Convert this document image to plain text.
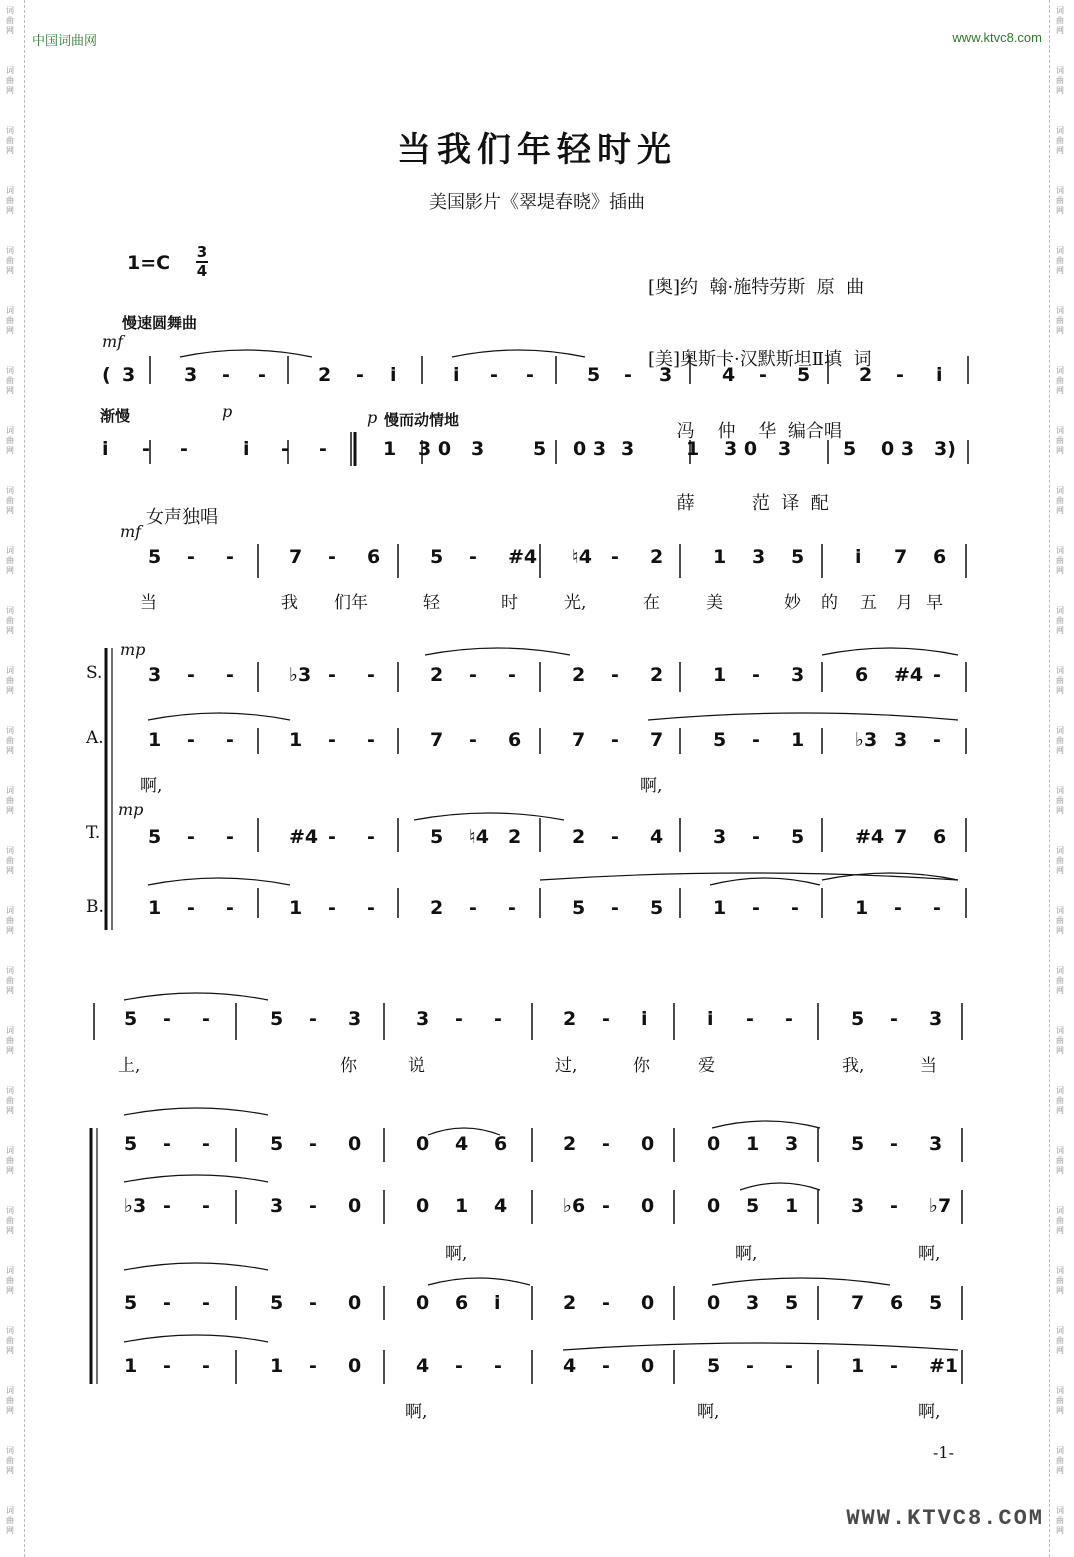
词曲网
词曲网
词曲网
词曲网
词曲网
词曲网
词曲网
词曲网
词曲网
词曲网
词曲网
词曲网
词曲网
词曲网
词曲网
词曲网
词曲网
词曲网
词曲网
词曲网
词曲网
词曲网
词曲网
词曲网
词曲网
词曲网
词曲网
词曲网
词曲网
词曲网
词曲网
词曲网
词曲网
词曲网
词曲网
词曲网
词曲网
词曲网
词曲网
词曲网
词曲网
词曲网
词曲网
词曲网
词曲网
词曲网
词曲网
词曲网
词曲网
词曲网
词曲网
词曲网
中国词曲网	www.ktvc8.com
当我们年轻时光
美国影片《翠堤春晓》插曲

[奥]约  翰·施特劳斯  原  曲

[美]奥斯卡·汉默斯坦Ⅱ填  词

冯    仲    华  编合唱

薛          范  译  配

1=C 3
4
慢速圆舞曲
mf
( 3	3 - -	2 - i	i - -	5 - 3	4 - 5	2 - i
渐慢	p	p 慢而动情地
i - -	i - -	1 3 0 3	5 0 3 3	1 3 0 3	5 0 3 3)
女声独唱
mf
5 - -	7 - 6	5 - #4 ♮4 - 2	1 3 5	i 7 6
当	我 们年	轻	时	光,	在	美	妙 的 五 月 早
mp
S. 3 - -	♭3 - -	2 - -	2 - 2	1 - 3	6 #4 -
A. 1 - -	1 - -	7 - 6	7 - 7	5 - 1	♭3 3 -
啊,	啊,
mp
T.	5 - -	#4 - -	5 ♮4 2	2 - 4	3 - 5	#4 7 6
B. 1 - -	1 - -	2 - -	5 - 5	1 - -	1 - -
5 - -	5 - 3	3 - -	2 - i	i - -	5 - 3
上,	你	说	过,	你	爱	我,	当
5 - -	5 - 0	0 4 6	2 - 0	0 1 3	5 - 3
♭3 - -	3 - 0	0 1 4	♭6 - 0	0 5 1	3 - ♭7
啊,	啊,	啊,
5 - -	5 - 0	0 6 i	2 - 0	0 3 5	7 6 5
1 - -	1 - 0	4 - -	4 - 0	5 - -	1 - #1
啊,	啊,	啊,
-1-
WWW.KTVC8.COM
